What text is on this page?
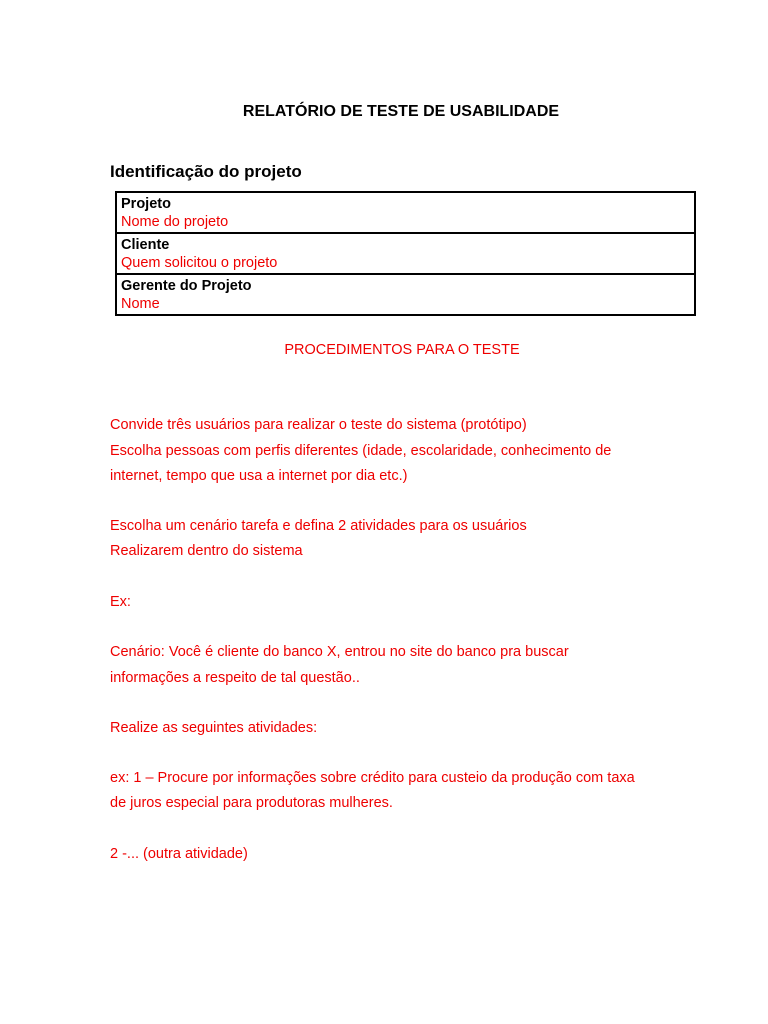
RELATÓRIO DE TESTE DE USABILIDADE
Identificação do projeto
Projeto
Nome do projeto
Cliente
Quem solicitou o projeto
Gerente do Projeto
Nome

PROCEDIMENTOS PARA O TESTE

Convide três usuários para realizar o teste do sistema (protótipo)
Escolha pessoas com perfis diferentes (idade, escolaridade, conhecimento de
internet, tempo que usa a internet por dia etc.)
Escolha um cenário tarefa e defina 2 atividades para os usuários
Realizarem dentro do sistema
Ex:
Cenário: Você é cliente do banco X, entrou no site do banco pra buscar
informações a respeito de tal questão..
Realize as seguintes atividades:
ex: 1 – Procure por informações sobre crédito para custeio da produção com taxa
de juros especial para produtoras mulheres.
2 -... (outra atividade)
